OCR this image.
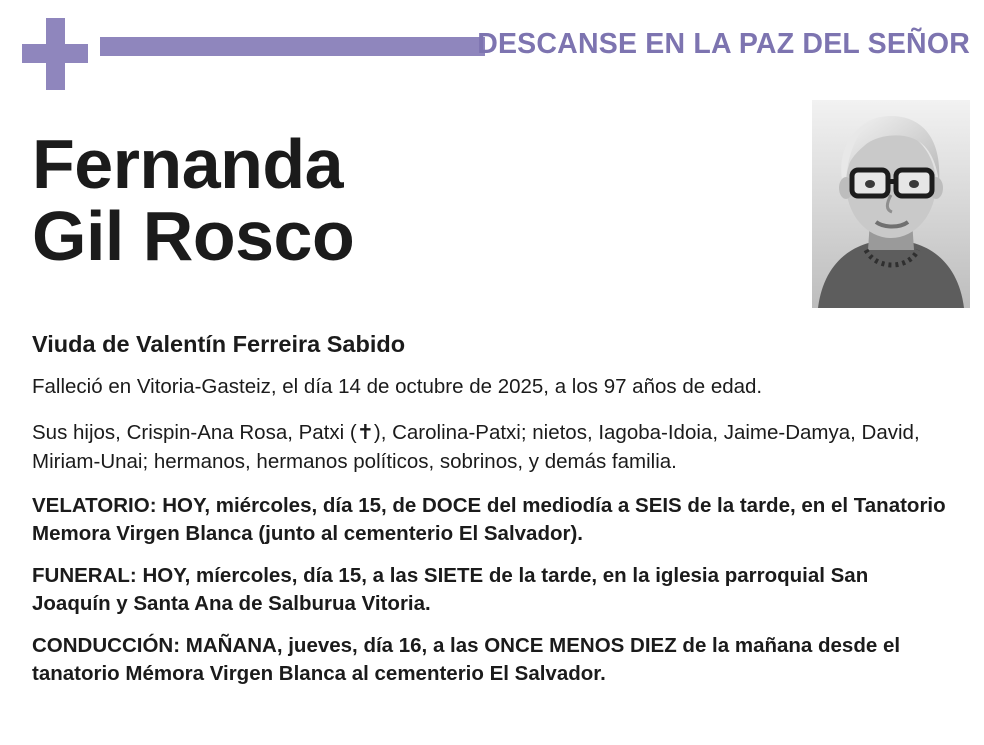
DESCANSE EN LA PAZ DEL SEÑOR
Fernanda
Gil Rosco

Viuda de Valentín Ferreira Sabido

Falleció en Vitoria-Gasteiz, el día 14 de octubre de 2025, a los 97 años de edad.

Sus hijos, Crispin-Ana Rosa, Patxi (✝), Carolina-Patxi; nietos, Iagoba-Idoia, Jaime-Damya, David, Miriam-Unai; hermanos, hermanos políticos, sobrinos, y demás familia.

VELATORIO: HOY, miércoles, día 15, de DOCE del mediodía a SEIS de la tarde, en el Tanatorio Memora Virgen Blanca (junto al cementerio El Salvador).

FUNERAL: HOY, míercoles, día 15, a las SIETE de la tarde, en la iglesia parroquial San Joaquín y Santa Ana de Salburua Vitoria.

CONDUCCIÓN: MAÑANA, jueves, día 16, a las ONCE MENOS DIEZ de la mañana desde el tanatorio Mémora Virgen Blanca al cementerio El Salvador.
